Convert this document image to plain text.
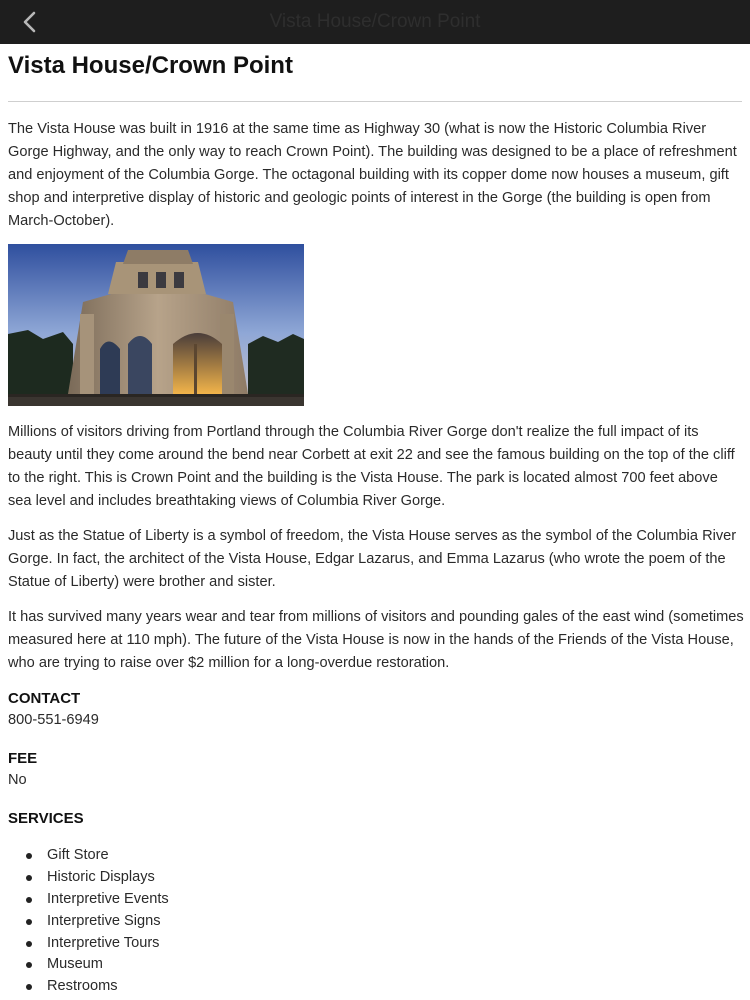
Vista House/Crown Point
Vista House/Crown Point

The Vista House was built in 1916 at the same time as Highway 30 (what is now the Historic Columbia River Gorge Highway, and the only way to reach Crown Point). The building was designed to be a place of refreshment and enjoyment of the Columbia Gorge. The octagonal building with its copper dome now houses a museum, gift shop and interpretive display of historic and geologic points of interest in the Gorge (the building is open from March-October).

Millions of visitors driving from Portland through the Columbia River Gorge don't realize the full impact of its beauty until they come around the bend near Corbett at exit 22 and see the famous building on the top of the cliff to the right. This is Crown Point and the building is the Vista House. The park is located almost 700 feet above sea level and includes breathtaking views of Columbia River Gorge.

Just as the Statue of Liberty is a symbol of freedom, the Vista House serves as the symbol of the Columbia River Gorge. In fact, the architect of the Vista House, Edgar Lazarus, and Emma Lazarus (who wrote the poem of the Statue of Liberty) were brother and sister.

It has survived many years wear and tear from millions of visitors and pounding gales of the east wind (sometimes measured here at 110 mph). The future of the Vista House is now in the hands of the Friends of the Vista House, who are trying to raise over $2 million for a long-overdue restoration.

CONTACT

800-551-6949

FEE

No

SERVICES
Gift Store
Historic Displays
Interpretive Events
Interpretive Signs
Interpretive Tours
Museum
Restrooms
